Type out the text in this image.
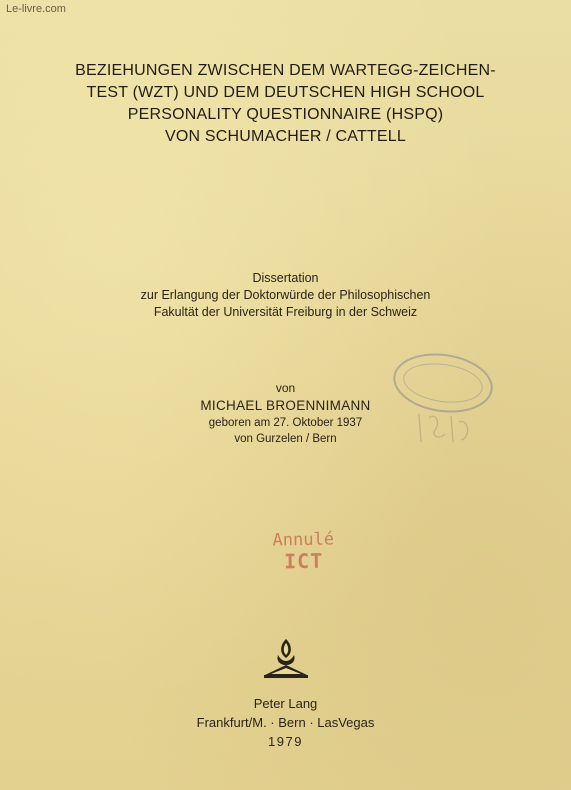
Le-livre.com
BEZIEHUNGEN ZWISCHEN DEM WARTEGG-ZEICHEN-
TEST (WZT) UND DEM DEUTSCHEN HIGH SCHOOL
PERSONALITY QUESTIONNAIRE (HSPQ)
VON SCHUMACHER / CATTELL
Dissertation
zur Erlangung der Doktorwürde der Philosophischen
Fakultät der Universität Freiburg in der Schweiz
von
MICHAEL BROENNIMANN
geboren am 27. Oktober 1937
von Gurzelen / Bern
Annulé
ICT
Peter Lang
Frankfurt/M. · Bern · LasVegas
1979
